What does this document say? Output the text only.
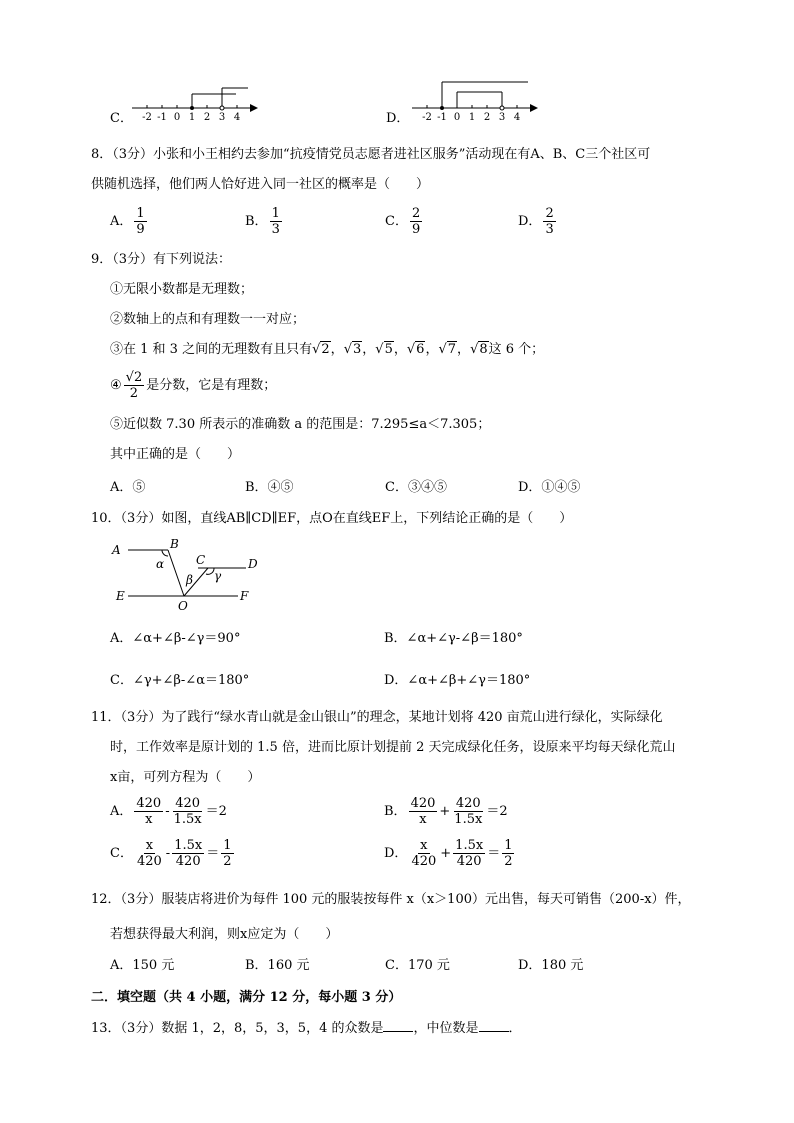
C． -2 -1 0 1 2 3 4	D． -2 -1 0 1 2 3 4
8．（3分）小张和小王相约去参加“抗疫情党员志愿者进社区服务”活动现在有A、B、C三个社区可
供随机选择，他们两人恰好进入同一社区的概率是（　　）
A． $\frac{1}{9}$	B． $\frac{1}{3}$	C． $\frac{2}{9}$	D． $\frac{2}{3}$
9．（3分）有下列说法：
①无限小数都是无理数；
②数轴上的点和有理数一一对应；
③在 1 和 3 之间的无理数有且只有√2，√3，√5，√6，√7，√8这 6 个；
④ $\frac{√2}{2}$ 是分数，它是有理数；
⑤近似数 7.30 所表示的准确数 a 的范围是：7.295≤a＜7.305；
其中正确的是（　　）
A．⑤	B．④⑤	C．③④⑤	D．①④⑤
10．（3分）如图，直线AB∥CD∥EF，点O在直线EF上，下列结论正确的是（　　）
A	B
C	D
E	F
O
α
β γ
A．∠α+∠β-∠γ＝90°	B．∠α+∠γ-∠β＝180°
C．∠γ+∠β-∠α＝180°	D．∠α+∠β+∠γ＝180°
11．（3分）为了践行“绿水青山就是金山银山”的理念，某地计划将 420 亩荒山进行绿化，实际绿化
时，工作效率是原计划的 1.5 倍，进而比原计划提前 2 天完成绿化任务，设原来平均每天绿化荒山
x亩，可列方程为（　　）
A． $\frac{420}{x} - \frac{420}{1.5x} =2$	B． $\frac{420}{x} + \frac{420}{1.5x} =2$
C． $\frac{x}{420} - \frac{1.5x}{420} = \frac{1}{2}$	D． $\frac{x}{420} + \frac{1.5x}{420} = \frac{1}{2}$
12．（3分）服装店将进价为每件 100 元的服装按每件 x（x＞100）元出售，每天可销售（200-x）件，
若想获得最大利润，则x应定为（　　）
A．150 元	B．160 元	C．170 元	D．180 元
二．填空题（共 4 小题，满分 12 分，每小题 3 分）
13．（3分）数据 1，2，8，5，3，5，4 的众数是 ，中位数是 ．
